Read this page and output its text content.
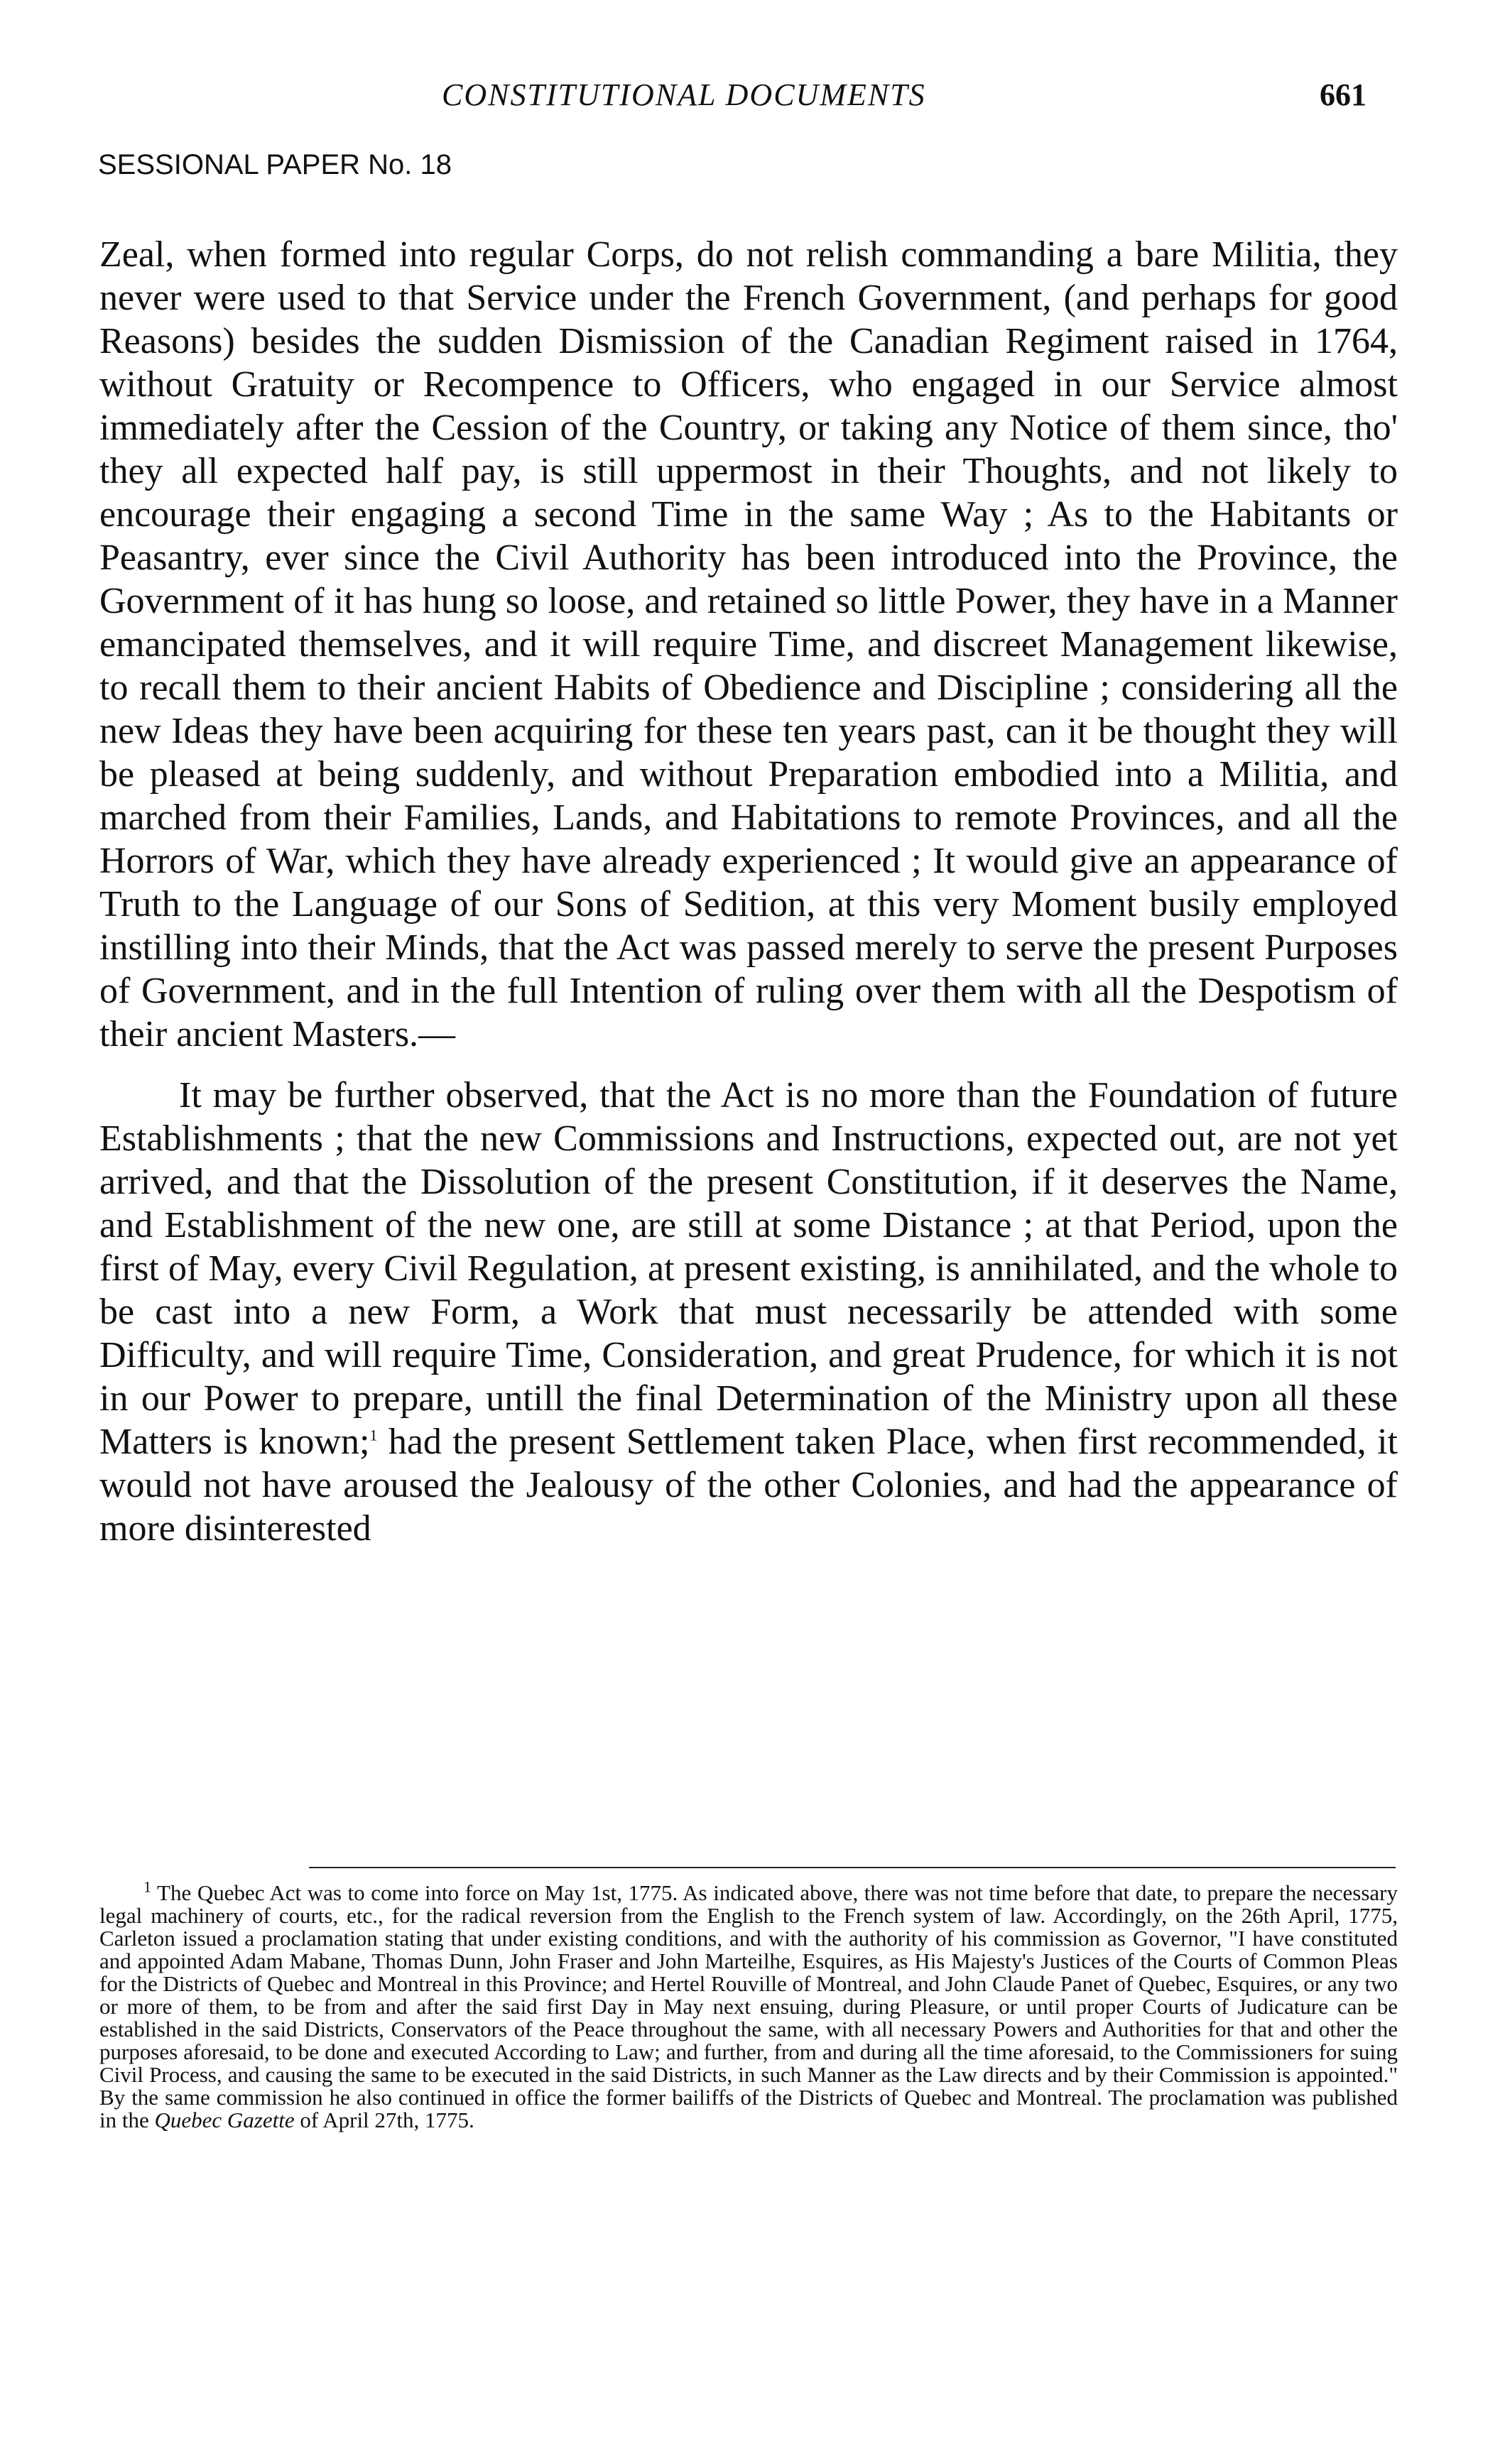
CONSTITUTIONAL DOCUMENTS	661
SESSIONAL PAPER No. 18

Zeal, when formed into regular Corps, do not relish commanding a bare Militia, they never were used to that Service under the French Government, (and perhaps for good Reasons) besides the sudden Dismission of the Canadian Regiment raised in 1764, without Gratuity or Recompence to Officers, who engaged in our Service almost immediately after the Cession of the Country, or taking any Notice of them since, tho' they all expected half pay, is still uppermost in their Thoughts, and not likely to encourage their engaging a second Time in the same Way ; As to the Habitants or Peasantry, ever since the Civil Authority has been introduced into the Province, the Government of it has hung so loose, and retained so little Power, they have in a Manner emancipated themselves, and it will require Time, and discreet Management likewise, to recall them to their ancient Habits of Obedience and Discipline ; considering all the new Ideas they have been acquiring for these ten years past, can it be thought they will be pleased at being suddenly, and without Preparation embodied into a Militia, and marched from their Families, Lands, and Habitations to remote Provinces, and all the Horrors of War, which they have already experienced ; It would give an appearance of Truth to the Language of our Sons of Sedition, at this very Moment busily employed instilling into their Minds, that the Act was passed merely to serve the present Purposes of Government, and in the full Intention of ruling over them with all the Despotism of their ancient Masters.—

It may be further observed, that the Act is no more than the Foundation of future Establishments ; that the new Commissions and Instructions, expected out, are not yet arrived, and that the Dissolution of the present Constitution, if it deserves the Name, and Establishment of the new one, are still at some Distance ; at that Period, upon the first of May, every Civil Regulation, at present existing, is annihilated, and the whole to be cast into a new Form, a Work that must necessarily be attended with some Difficulty, and will require Time, Consideration, and great Prudence, for which it is not in our Power to prepare, untill the final Determination of the Ministry upon all these Matters is known;$^1$ had the present Settlement taken Place, when first recommended, it would not have aroused the Jealousy of the other Colonies, and had the appearance of more disinterested

$^1$ The Quebec Act was to come into force on May 1st, 1775. As indicated above, there was not time before that date, to prepare the necessary legal machinery of courts, etc., for the radical reversion from the English to the French system of law. Accordingly, on the 26th April, 1775, Carleton issued a proclamation stating that under existing conditions, and with the authority of his commission as Governor, "I have constituted and appointed Adam Mabane, Thomas Dunn, John Fraser and John Marteilhe, Esquires, as His Majesty's Justices of the Courts of Common Pleas for the Districts of Quebec and Montreal in this Province; and Hertel Rouville of Montreal, and John Claude Panet of Quebec, Esquires, or any two or more of them, to be from and after the said first Day in May next ensuing, during Pleasure, or until proper Courts of Judicature can be established in the said Districts, Conservators of the Peace throughout the same, with all necessary Powers and Authorities for that and other the purposes aforesaid, to be done and executed According to Law; and further, from and during all the time aforesaid, to the Commissioners for suing Civil Process, and causing the same to be executed in the said Districts, in such Manner as the Law directs and by their Commission is appointed." By the same commission he also continued in office the former bailiffs of the Districts of Quebec and Montreal. The proclamation was published in the Quebec Gazette of April 27th, 1775.
